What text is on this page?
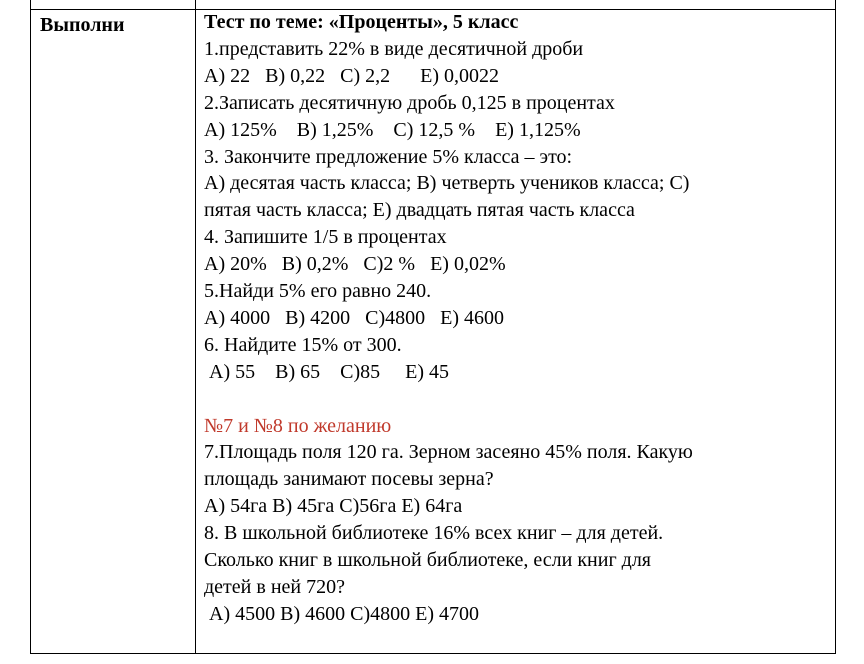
Выполни	Тест по теме: «Проценты», 5 класс
1.представить 22% в виде десятичной дроби
А) 22   В) 0,22   С) 2,2      Е) 0,0022
2.Записать десятичную дробь 0,125 в процентах
А) 125%    В) 1,25%    С) 12,5 %    Е) 1,125%
3. Закончите предложение 5% класса – это:
А) десятая часть класса; В) четверть учеников класса; С)
пятая часть класса; Е) двадцать пятая часть класса
4. Запишите 1/5 в процентах
А) 20%   В) 0,2%   С)2 %   Е) 0,02%
5.Найди 5% его равно 240.
А) 4000   В) 4200   С)4800   Е) 4600
6. Найдите 15% от 300.
А) 55    В) 65    С)85     Е) 45
№7 и №8 по желанию
7.Площадь поля 120 га. Зерном засеяно 45% поля. Какую
площадь занимают посевы зерна?
А) 54га В) 45га С)56га Е) 64га
8. В школьной библиотеке 16% всех книг – для детей.
Сколько книг в школьной библиотеке, если книг для
детей в ней 720?
А) 4500 В) 4600 С)4800 Е) 4700
